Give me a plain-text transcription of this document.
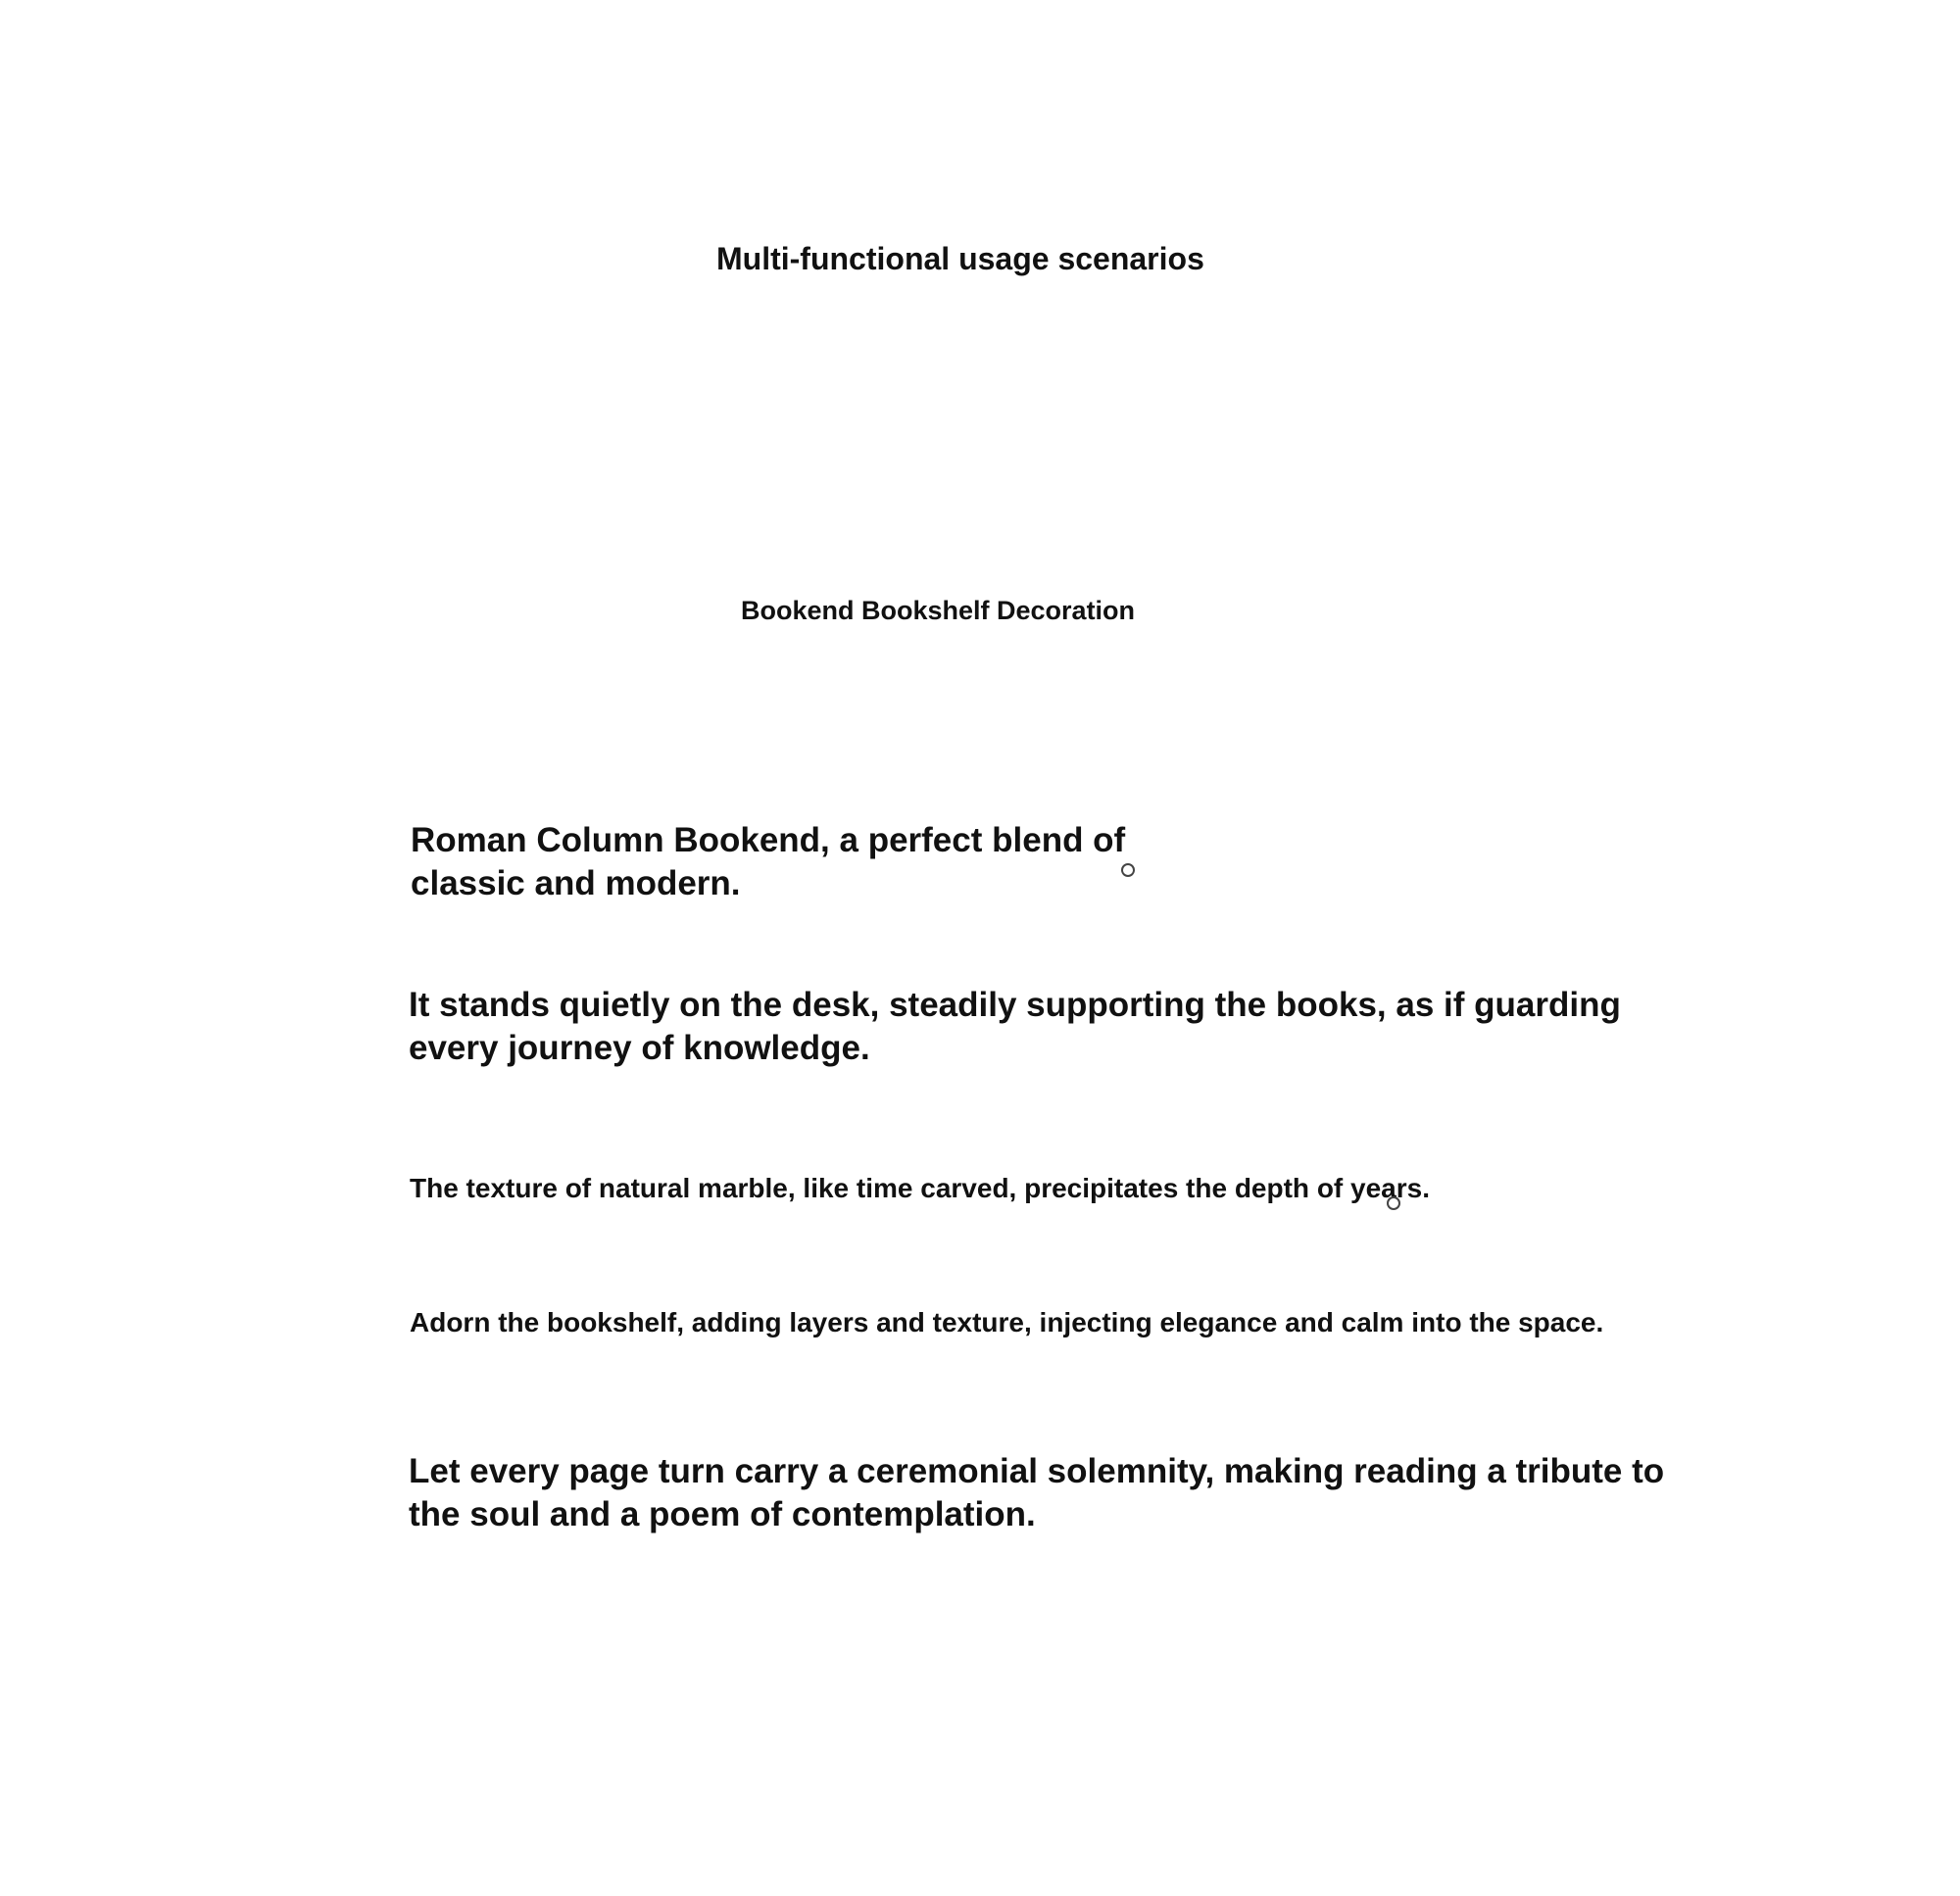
Multi-functional usage scenarios
Bookend Bookshelf Decoration
Roman Column Bookend, a perfect blend of classic and modern.
It stands quietly on the desk, steadily supporting the books, as if guarding every journey of knowledge.
The texture of natural marble, like time carved, precipitates the depth of years.
Adorn the bookshelf, adding layers and texture, injecting elegance and calm into the space.
Let every page turn carry a ceremonial solemnity, making reading a tribute to the soul and a poem of contemplation.
